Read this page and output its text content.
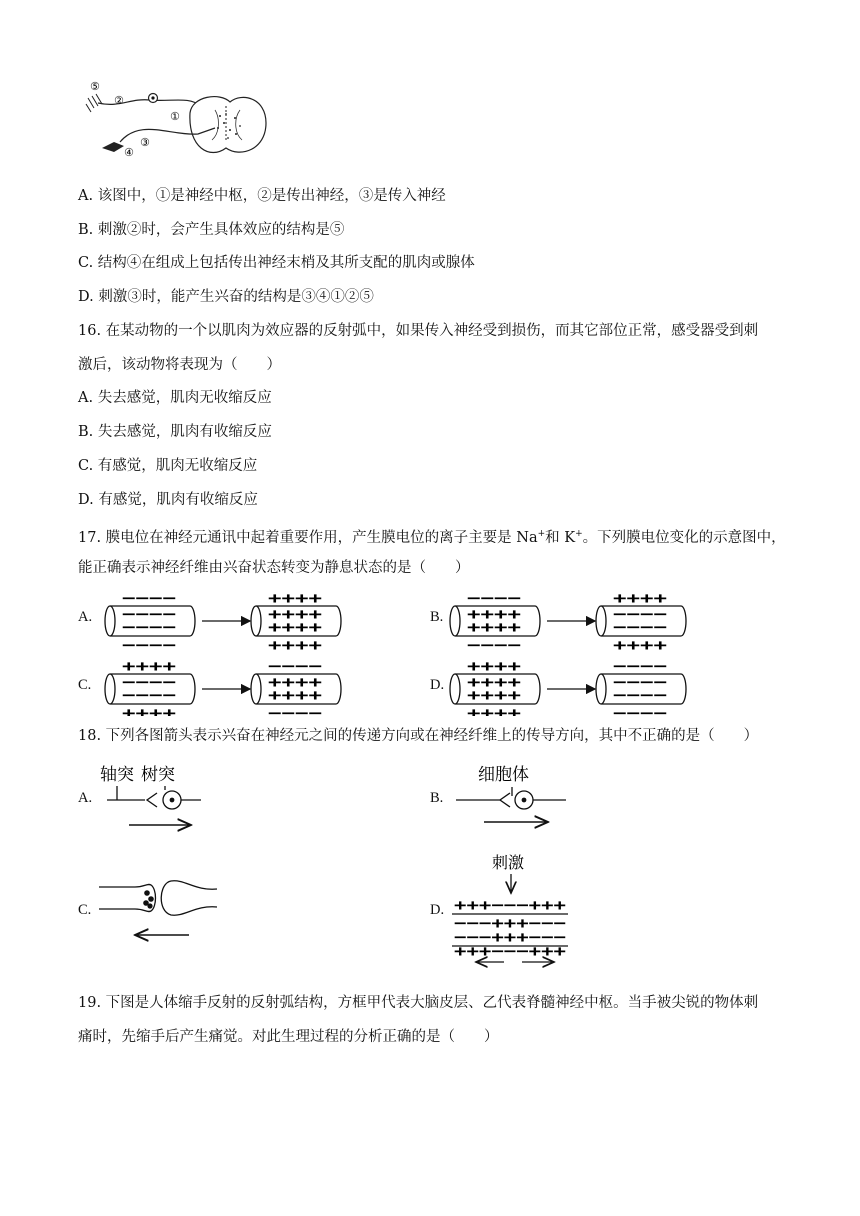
⑤
②
③
④
①
A. 该图中，①是神经中枢，②是传出神经，③是传入神经
B. 刺激②时，会产生具体效应的结构是⑤
C. 结构④在组成上包括传出神经末梢及其所支配的肌肉或腺体
D. 刺激③时，能产生兴奋的结构是③④①②⑤
16. 在某动物的一个以肌肉为效应器的反射弧中，如果传入神经受到损伤，而其它部位正常，感受器受到刺
激后，该动物将表现为（　　）
A. 失去感觉，肌肉无收缩反应
B. 失去感觉，肌肉有收缩反应
C. 有感觉，肌肉无收缩反应
D. 有感觉，肌肉有收缩反应
17. 膜电位在神经元通讯中起着重要作用，产生膜电位的离子主要是 Na+和 K+。下列膜电位变化的示意图中，
能正确表示神经纤维由兴奋状态转变为静息状态的是（　　）
A.	B.
C.	D.
−−−−
−−−−
−−−−
−−−−
++++
++++
++++
++++
−−−−
++++
++++
−−−−
++++
−−−−
−−−−
++++
++++
−−−−
−−−−
++++
−−−−
++++
++++
−−−−
++++
++++
++++
++++
−−−−
−−−−
−−−−
−−−−
18. 下列各图箭头表示兴奋在神经元之间的传递方向或在神经纤维上的传导方向，其中不正确的是（　　）
A.	B.
C.	D.
轴突 树突	细胞体
刺激
+++−−−+++
−−−+++−−−
−−−+++−−−
+++−−−+++
19. 下图是人体缩手反射的反射弧结构，方框甲代表大脑皮层、乙代表脊髓神经中枢。当手被尖锐的物体刺
痛时，先缩手后产生痛觉。对此生理过程的分析正确的是（　　）
